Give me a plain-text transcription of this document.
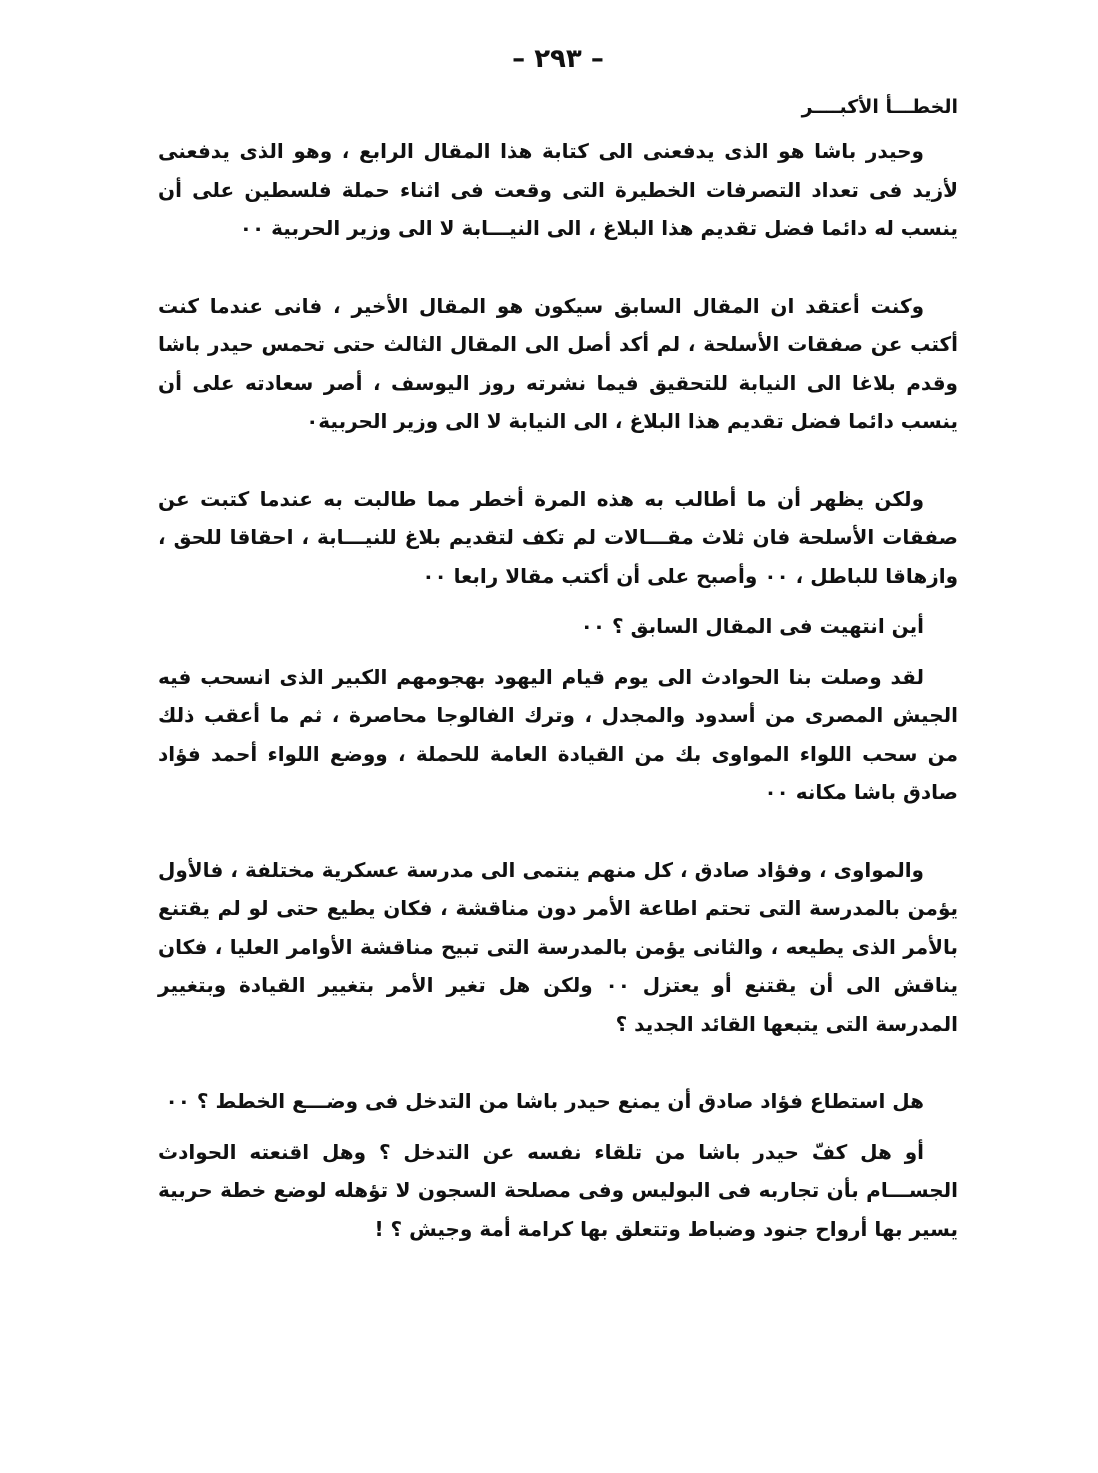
– ٢٩٣ –
الخطـــأ الأكبــــر

وحيدر باشا هو الذى يدفعنى الى كتابة هذا المقال الرابع ، وهو الذى يدفعنى لأزيد فى تعداد التصرفات الخطيرة التى وقعت فى اثناء حملة فلسطين على أن ينسب له دائما فضل تقديم هذا البلاغ ، الى النيـــابة لا الى وزير الحربية ٠٠

وكنت أعتقد ان المقال السابق سيكون هو المقال الأخير ، فانى عندما كنت أكتب عن صفقات الأسلحة ، لم أكد أصل الى المقال الثالث حتى تحمس حيدر باشا وقدم بلاغا الى النيابة للتحقيق فيما نشرته روز اليوسف ، أصر سعادته على أن ينسب دائما فضل تقديم هذا البلاغ ، الى النيابة لا الى وزير الحربية٠

ولكن يظهر أن ما أطالب به هذه المرة أخطر مما طالبت به عندما كتبت عن صفقات الأسلحة فان ثلاث مقـــالات لم تكف لتقديم بلاغ للنيـــابة ، احقاقا للحق ، وازهاقا للباطل ، ٠٠ وأصبح على أن أكتب مقالا رابعا ٠٠

أين انتهيت فى المقال السابق ؟ ٠٠

لقد وصلت بنا الحوادث الى يوم قيام اليهود بهجومهم الكبير الذى انسحب فيه الجيش المصرى من أسدود والمجدل ، وترك الفالوجا محاصرة ، ثم ما أعقب ذلك من سحب اللواء المواوى بك من القيادة العامة للحملة ، ووضع اللواء أحمد فؤاد صادق باشا مكانه ٠٠

والمواوى ، وفؤاد صادق ، كل منهم ينتمى الى مدرسة عسكرية مختلفة ، فالأول يؤمن بالمدرسة التى تحتم اطاعة الأمر دون مناقشة ، فكان يطيع حتى لو لم يقتنع بالأمر الذى يطيعه ، والثانى يؤمن بالمدرسة التى تبيح مناقشة الأوامر العليا ، فكان يناقش الى أن يقتنع أو يعتزل ٠٠ ولكن هل تغير الأمر بتغيير القيادة وبتغيير المدرسة التى يتبعها القائد الجديد ؟

هل استطاع فؤاد صادق أن يمنع حيدر باشا من التدخل فى وضـــع الخطط ؟ ٠٠

أو هل كفّ حيدر باشا من تلقاء نفسه عن التدخل ؟ وهل اقنعته الحوادث الجســـام بأن تجاربه فى البوليس وفى مصلحة السجون لا تؤهله لوضع خطة حربية يسير بها أرواح جنود وضباط وتتعلق بها كرامة أمة وجيش ؟ !
